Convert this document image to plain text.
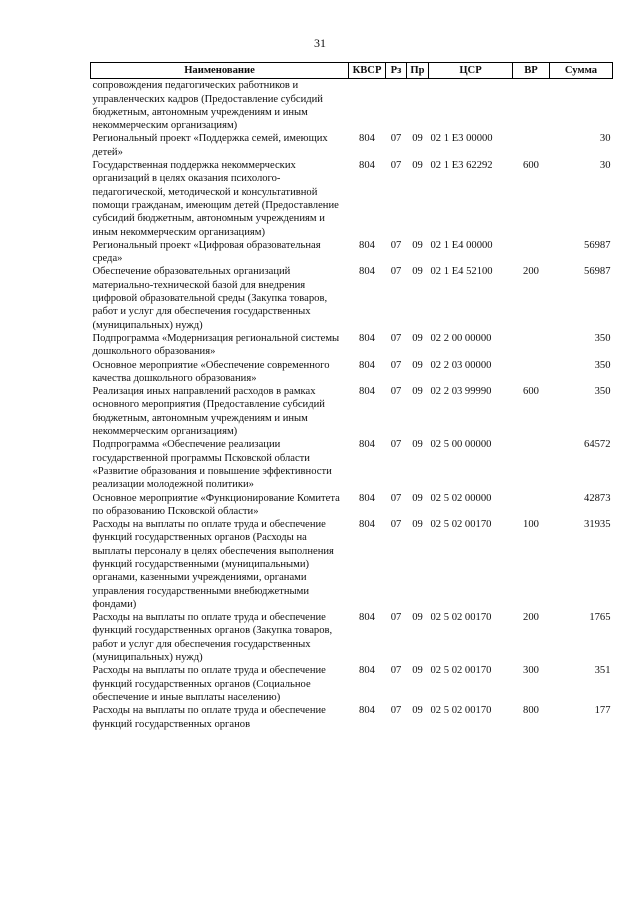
31
Наименование	КВСР	Рз	Пр	ЦСР	ВР	Сумма
сопровождения педагогических работников и управленческих кадров (Предоставление субсидий бюджетным, автономным учреждениям и иным некоммерческим организациям)						
Региональный проект «Поддержка семей, имеющих детей»	804	07	09	02 1 E3 00000		30
Государственная поддержка некоммерческих организаций в целях оказания психолого-педагогической, методической и консультативной помощи гражданам, имеющим детей (Предоставление субсидий бюджетным, автономным учреждениям и иным некоммерческим организациям)	804	07	09	02 1 E3 62292	600	30
Региональный проект «Цифровая образовательная среда»	804	07	09	02 1 E4 00000		56987
Обеспечение образовательных организаций материально-технической базой для внедрения цифровой образовательной среды (Закупка товаров, работ и услуг для обеспечения государственных (муниципальных) нужд)	804	07	09	02 1 E4 52100	200	56987
Подпрограмма «Модернизация региональной системы дошкольного образования»	804	07	09	02 2 00 00000		350
Основное мероприятие «Обеспечение современного качества дошкольного образования»	804	07	09	02 2 03 00000		350
Реализация иных направлений расходов в рамках основного мероприятия (Предоставление субсидий бюджетным, автономным учреждениям и иным некоммерческим организациям)	804	07	09	02 2 03 99990	600	350
Подпрограмма «Обеспечение реализации государственной программы Псковской области «Развитие образования и повышение эффективности реализации молодежной политики»	804	07	09	02 5 00 00000		64572
Основное мероприятие «Функционирование Комитета по образованию Псковской области»	804	07	09	02 5 02 00000		42873
Расходы на выплаты по оплате труда и обеспечение функций государственных органов (Расходы на выплаты персоналу в целях обеспечения выполнения функций государственными (муниципальными) органами, казенными учреждениями, органами управления государственными внебюджетными фондами)	804	07	09	02 5 02 00170	100	31935
Расходы на выплаты по оплате труда и обеспечение функций государственных органов (Закупка товаров, работ и услуг для обеспечения государственных (муниципальных) нужд)	804	07	09	02 5 02 00170	200	1765
Расходы на выплаты по оплате труда и обеспечение функций государственных органов (Социальное обеспечение и иные выплаты населению)	804	07	09	02 5 02 00170	300	351
Расходы на выплаты по оплате труда и обеспечение функций государственных органов	804	07	09	02 5 02 00170	800	177
